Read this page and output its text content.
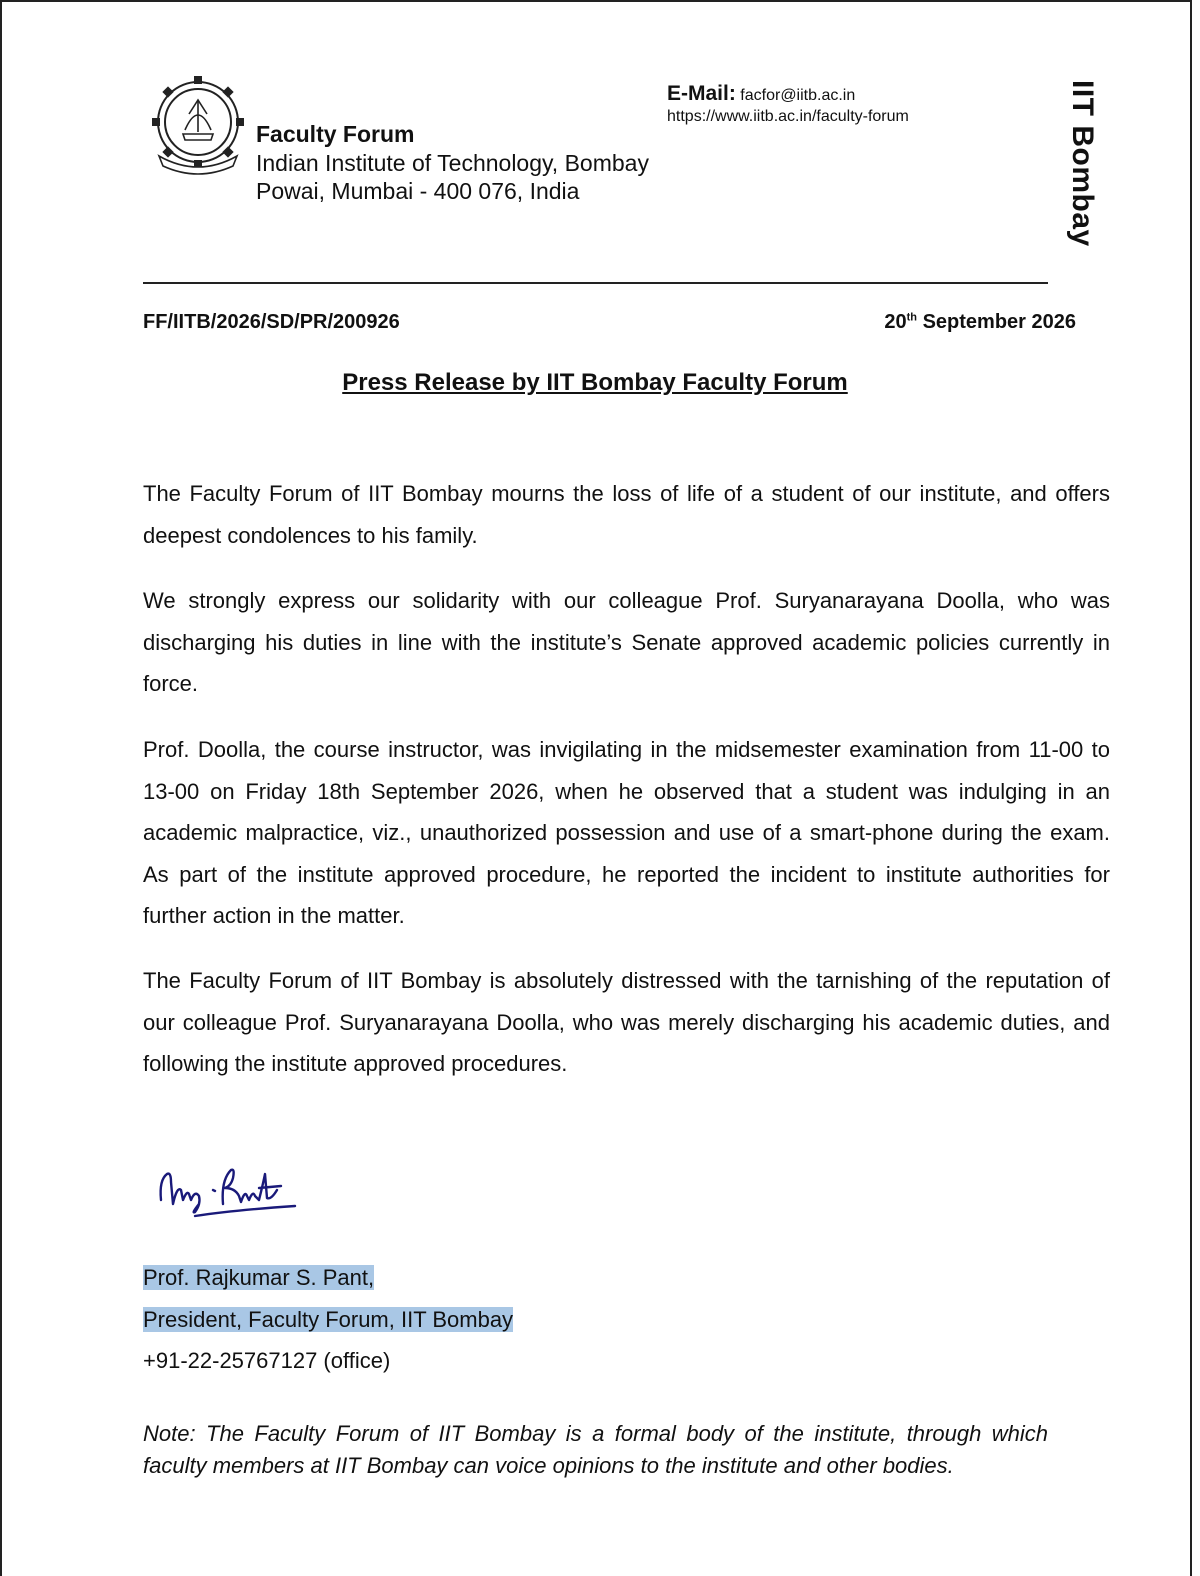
Faculty Forum
Indian Institute of Technology, Bombay
Powai, Mumbai - 400 076, India
E-Mail: facfor@iitb.ac.in
https://www.iitb.ac.in/faculty-forum	IIT Bombay
FF/IITB/2026/SD/PR/200926	20th September 2026
Press Release by IIT Bombay Faculty Forum

The Faculty Forum of IIT Bombay mourns the loss of life of a student of our institute, and offers deepest condolences to his family.

We strongly express our solidarity with our colleague Prof. Suryanarayana Doolla, who was discharging his duties in line with the institute’s Senate approved academic policies currently in force.

Prof. Doolla, the course instructor, was invigilating in the midsemester examination from 11-00 to 13-00 on Friday 18th September 2026, when he observed that a student was indulging in an academic malpractice, viz., unauthorized possession and use of a smart-phone during the exam. As part of the institute approved procedure, he reported the incident to institute authorities for further action in the matter.

The Faculty Forum of IIT Bombay is absolutely distressed with the tarnishing of the reputation of our colleague Prof. Suryanarayana Doolla, who was merely discharging his academic duties, and following the institute approved procedures.

Prof. Rajkumar S. Pant,
President, Faculty Forum, IIT Bombay
+91-22-25767127 (office)
Note: The Faculty Forum of IIT Bombay is a formal body of the institute, through which faculty members at IIT Bombay can voice opinions to the institute and other bodies.
